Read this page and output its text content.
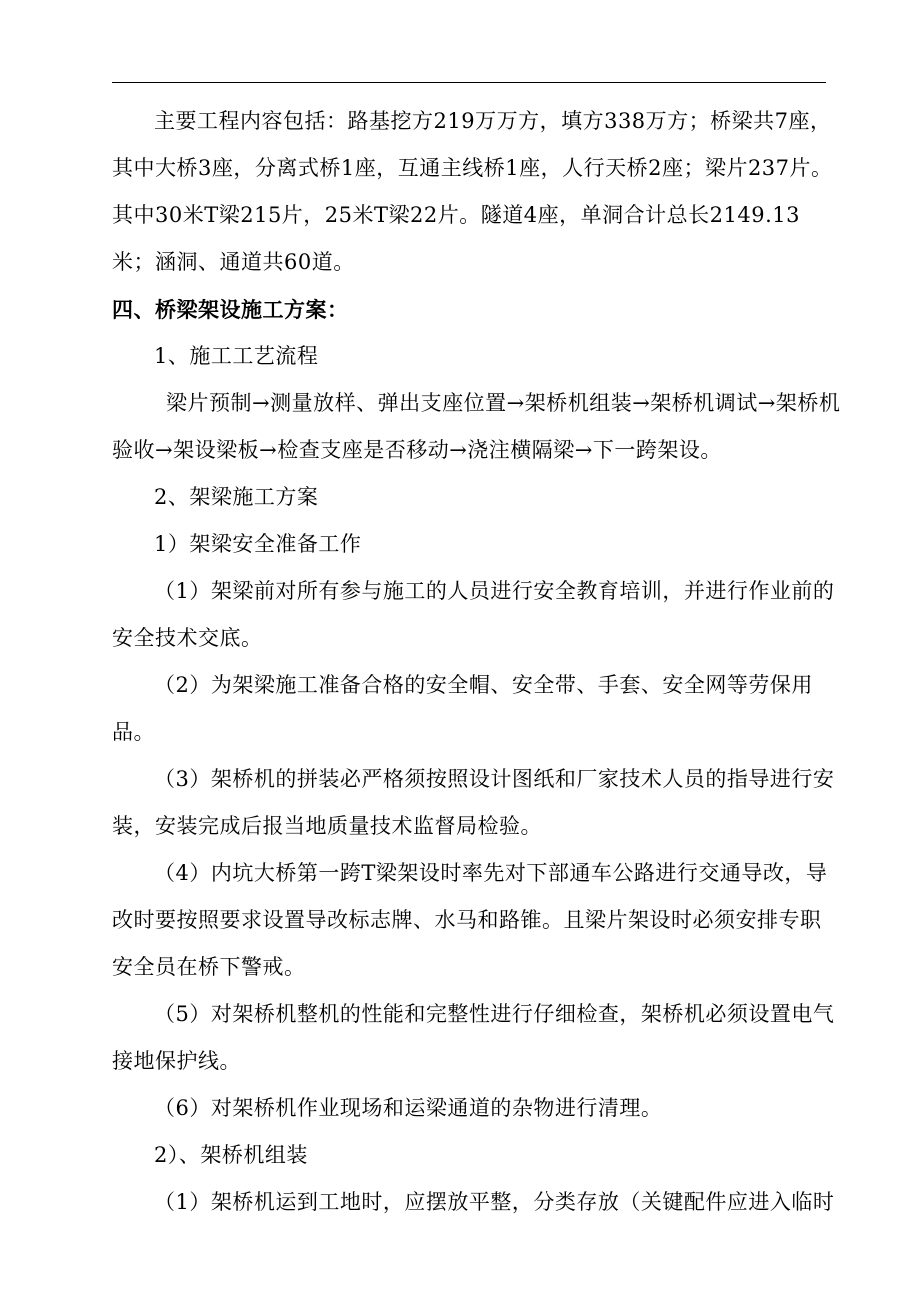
主要工程内容包括：路基挖方219万万方，填方338万方；桥梁共7座，其中大桥3座，分离式桥1座，互通主线桥1座，人行天桥2座；梁片237片。其中30米T梁215片，25米T梁22片。隧道4座，单洞合计总长2149.13米；涵洞、通道共60道。

四、桥梁架设施工方案：

1、施工工艺流程

梁片预制→测量放样、弹出支座位置→架桥机组装→架桥机调试→架桥机验收→架设梁板→检查支座是否移动→浇注横隔梁→下一跨架设。

2、架梁施工方案

1）架梁安全准备工作

（1）架梁前对所有参与施工的人员进行安全教育培训，并进行作业前的安全技术交底。

（2）为架梁施工准备合格的安全帽、安全带、手套、安全网等劳保用品。

（3）架桥机的拼装必严格须按照设计图纸和厂家技术人员的指导进行安装，安装完成后报当地质量技术监督局检验。

（4）内坑大桥第一跨T梁架设时率先对下部通车公路进行交通导改，导改时要按照要求设置导改标志牌、水马和路锥。且梁片架设时必须安排专职安全员在桥下警戒。

（5）对架桥机整机的性能和完整性进行仔细检查，架桥机必须设置电气接地保护线。

（6）对架桥机作业现场和运梁通道的杂物进行清理。

2）、架桥机组装

（1）架桥机运到工地时，应摆放平整，分类存放（关键配件应进入临时
